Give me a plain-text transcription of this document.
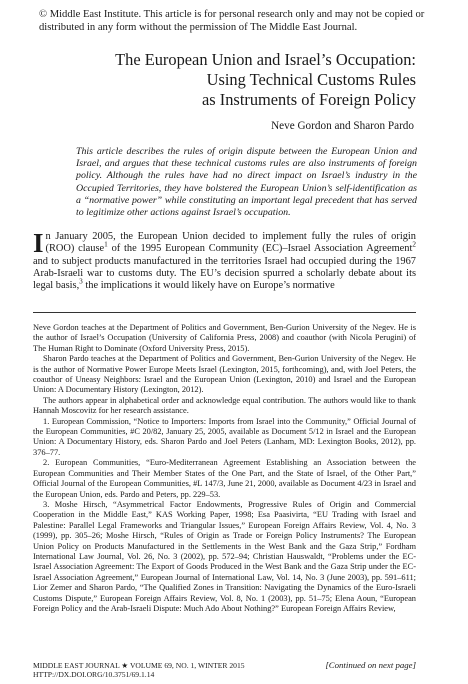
© Middle East Institute. This article is for personal research only and may not be copied or distributed in any form without the permission of The Middle East Journal.
The European Union and Israel’s Occupation:
Using Technical Customs Rules
as Instruments of Foreign Policy
Neve Gordon and Sharon Pardo
This article describes the rules of origin dispute between the European Union and Israel, and argues that these technical customs rules are also instruments of foreign policy. Although the rules have had no direct impact on Israel’s industry in the Occupied Territories, they have bolstered the European Union’s self-identification as a “normative power” while constituting an important legal precedent that has served to legitimize other actions against Israel’s occupation.
In January 2005, the European Union decided to implement fully the rules of origin (ROO) clause$^1$ of the 1995 European Community (EC)–Israel Association Agreement$^2$ and to subject products manufactured in the territories Israel had occupied during the 1967 Arab-Israeli war to customs duty. The EU’s decision spurred a scholarly debate about its legal basis,$^3$ the implications it would likely have on Europe’s normative

Neve Gordon teaches at the Department of Politics and Government, Ben-Gurion University of the Negev. He is the author of Israel’s Occupation (University of California Press, 2008) and coauthor (with Nicola Perugini) of The Human Right to Dominate (Oxford University Press, 2015).

Sharon Pardo teaches at the Department of Politics and Government, Ben-Gurion University of the Negev. He is the author of Normative Power Europe Meets Israel (Lexington, 2015, forthcoming), and, with Joel Peters, the coauthor of Uneasy Neighbors: Israel and the European Union (Lexington, 2010) and Israel and the European Union: A Documentary History (Lexington, 2012).

The authors appear in alphabetical order and acknowledge equal contribution. The authors would like to thank Hannah Moscovitz for her research assistance.

1. European Commission, “Notice to Importers: Imports from Israel into the Community,” Official Journal of the European Communities, #C 20/82, January 25, 2005, available as Document 5/12 in Israel and the European Union: A Documentary History, eds. Sharon Pardo and Joel Peters (Lanham, MD: Lexington Books, 2012), pp. 376–77.

2. European Communities, “Euro-Mediterranean Agreement Establishing an Association between the European Communities and Their Member States of the One Part, and the State of Israel, of the Other Part,” Official Journal of the European Communities, #L 147/3, June 21, 2000, available as Document 4/23 in Israel and the European Union, eds. Pardo and Peters, pp. 229–53.

3. Moshe Hirsch, “Asymmetrical Factor Endowments, Progressive Rules of Origin and Commercial Cooperation in the Middle East,” KAS Working Paper, 1998; Esa Paasivirta, “EU Trading with Israel and Palestine: Parallel Legal Frameworks and Triangular Issues,” European Foreign Affairs Review, Vol. 4, No. 3 (1999), pp. 305–26; Moshe Hirsch, “Rules of Origin as Trade or Foreign Policy Instruments? The European Union Policy on Products Manufactured in the Settlements in the West Bank and the Gaza Strip,” Fordham International Law Journal, Vol. 26, No. 3 (2002), pp. 572–94; Christian Hauswaldt, “Problems under the EC-Israel Association Agreement: The Export of Goods Produced in the West Bank and the Gaza Strip under the EC-Israel Association Agreement,” European Journal of International Law, Vol. 14, No. 3 (June 2003), pp. 591–611; Lior Zemer and Sharon Pardo, “The Qualified Zones in Transition: Navigating the Dynamics of the Euro-Israeli Customs Dispute,” European Foreign Affairs Review, Vol. 8, No. 1 (2003), pp. 51–75; Elena Aoun, “European Foreign Policy and the Arab-Israeli Dispute: Much Ado About Nothing?” European Foreign Affairs Review,

MIDDLE EAST JOURNAL ★ VOLUME 69, NO. 1, WINTER 2015
HTTP://DX.DOI.ORG/10.3751/69.1.14
[Continued on next page]
